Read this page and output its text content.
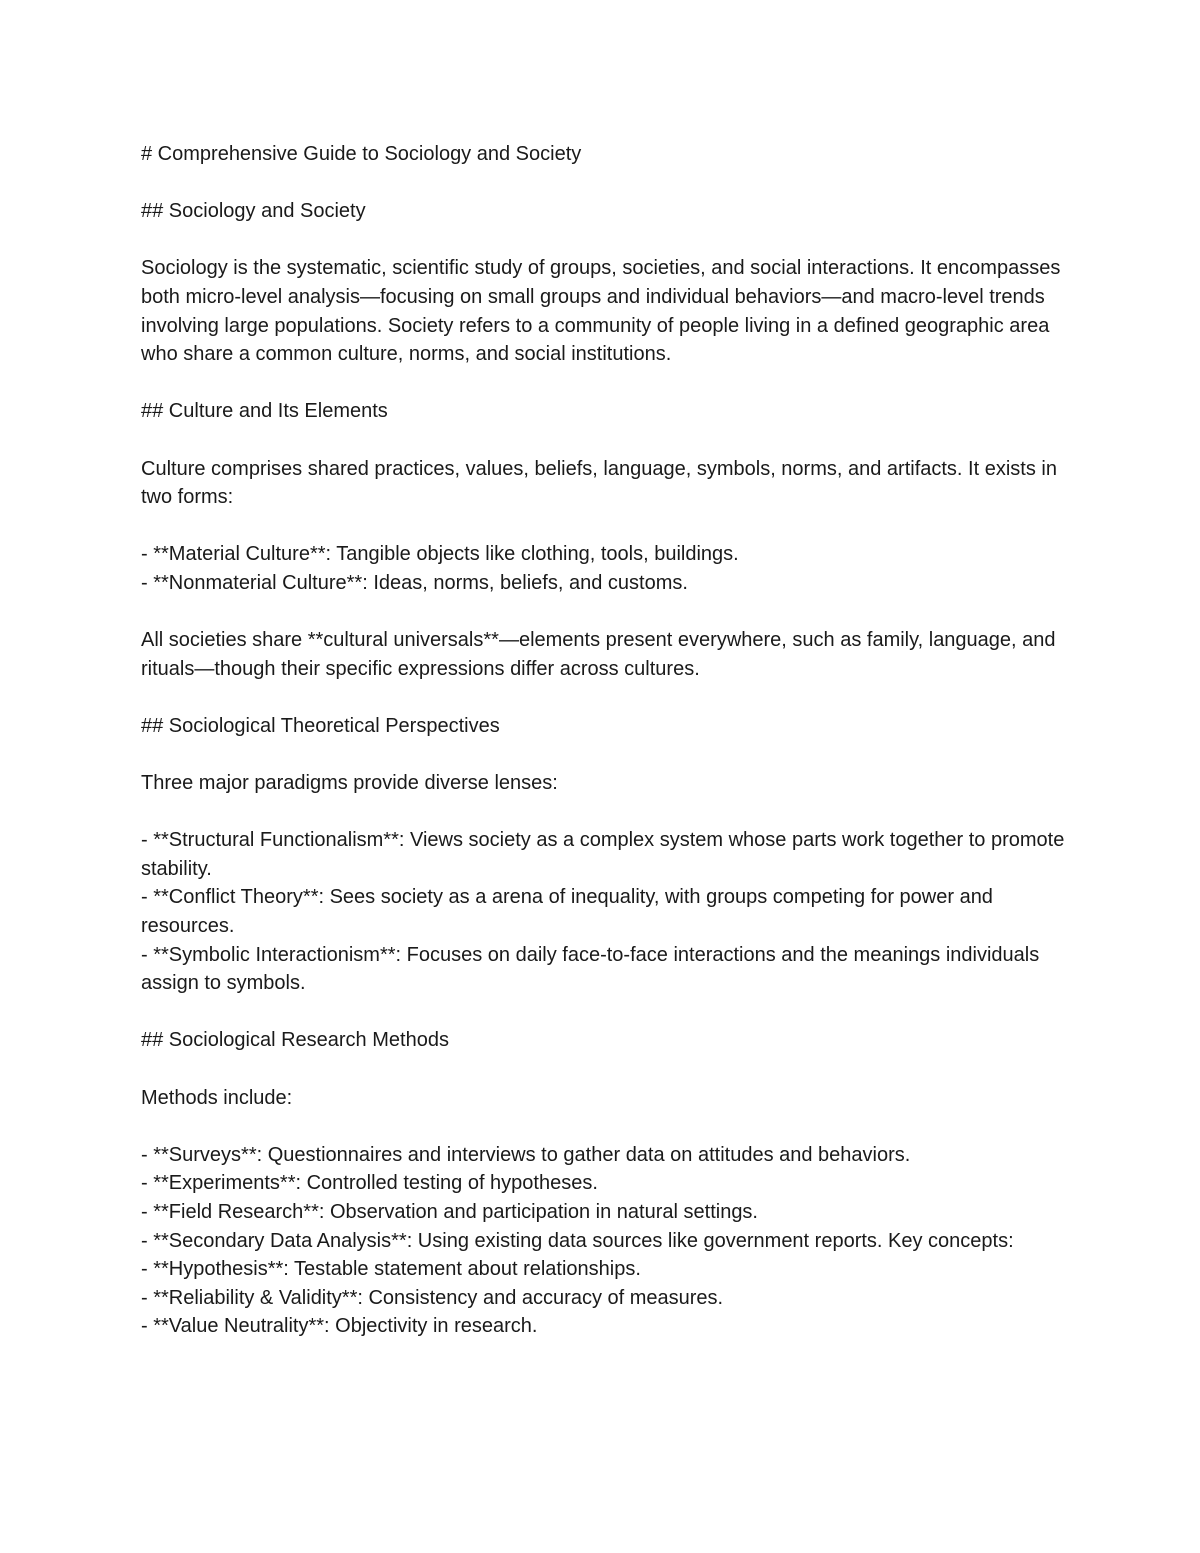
# Comprehensive Guide to Sociology and Society

## Sociology and Society

Sociology is the systematic, scientific study of groups, societies, and social interactions. It encompasses both micro-level analysis—focusing on small groups and individual behaviors—and macro-level trends involving large populations. Society refers to a community of people living in a defined geographic area who share a common culture, norms, and social institutions.

## Culture and Its Elements

Culture comprises shared practices, values, beliefs, language, symbols, norms, and artifacts. It exists in two forms:

- **Material Culture**: Tangible objects like clothing, tools, buildings.

- **Nonmaterial Culture**: Ideas, norms, beliefs, and customs.

All societies share **cultural universals**—elements present everywhere, such as family, language, and rituals—though their specific expressions differ across cultures.

## Sociological Theoretical Perspectives

Three major paradigms provide diverse lenses:

- **Structural Functionalism**: Views society as a complex system whose parts work together to promote stability.

- **Conflict Theory**: Sees society as a arena of inequality, with groups competing for power and resources.

- **Symbolic Interactionism**: Focuses on daily face-to-face interactions and the meanings individuals assign to symbols.

## Sociological Research Methods

Methods include:

- **Surveys**: Questionnaires and interviews to gather data on attitudes and behaviors.

- **Experiments**: Controlled testing of hypotheses.

- **Field Research**: Observation and participation in natural settings.

- **Secondary Data Analysis**: Using existing data sources like government reports. Key concepts:

- **Hypothesis**: Testable statement about relationships.

- **Reliability & Validity**: Consistency and accuracy of measures.

- **Value Neutrality**: Objectivity in research.
